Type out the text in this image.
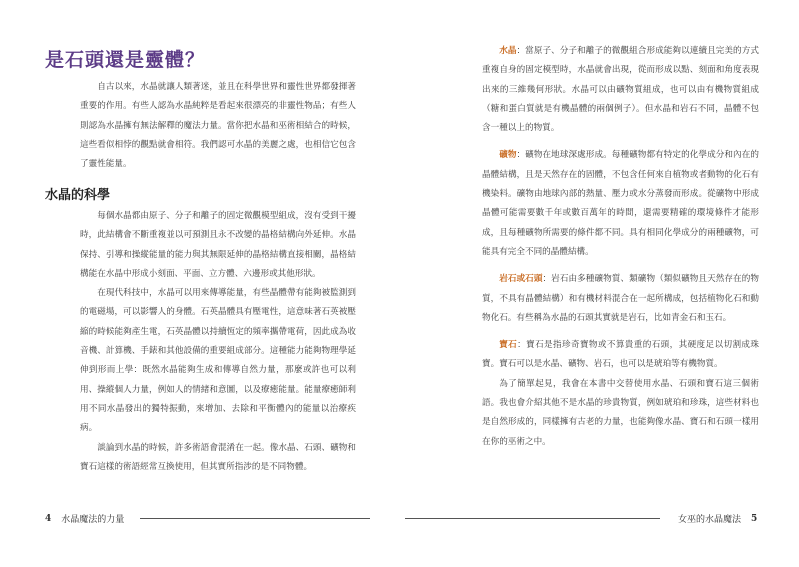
是石頭還是靈體？

自古以來，水晶就讓人類著迷，並且在科學世界和靈性世界都發揮著重要的作用。有些人認為水晶純粹是看起來很漂亮的非靈性物品；有些人則認為水晶擁有無法解釋的魔法力量。當你把水晶和巫術相結合的時候，這些看似相悖的觀點就會相符。我們認可水晶的美麗之處，也相信它包含了靈性能量。

水晶的科學

每個水晶都由原子、分子和離子的固定微觀模型組成，沒有受到干擾時，此結構會不斷重複並以可預測且永不改變的晶格結構向外延伸。水晶保持、引導和操縱能量的能力與其無限延伸的晶格結構直接相關，晶格結構能在水晶中形成小刻面、平面、立方體、六邊形或其他形狀。

在現代科技中，水晶可以用來傳導能量，有些晶體帶有能夠被監測到的電磁場，可以影響人的身體。石英晶體具有壓電性，這意味著石英被壓縮的時候能夠產生電，石英晶體以持續恆定的頻率攜帶電荷，因此成為收音機、計算機、手錶和其他設備的重要組成部分。這種能力能夠物理學延伸到形而上學：既然水晶能夠生成和傳導自然力量，那麼或許也可以利用、操縱個人力量，例如人的情緒和意圖，以及療癒能量。能量療癒師利用不同水晶發出的獨特振動，來增加、去除和平衡體內的能量以治療疾病。

談論到水晶的時候，許多術語會混淆在一起。像水晶、石頭、礦物和寶石這樣的術語經常互換使用，但其實所指涉的是不同物體。

4 水晶魔法的力量

水晶：當原子、分子和離子的微觀組合形成能夠以連續且完美的方式重複自身的固定模型時，水晶就會出現，從而形成以點、刻面和角度表現出來的三維幾何形狀。水晶可以由礦物質組成，也可以由有機物質組成（糖和蛋白質就是有機晶體的兩個例子）。但水晶和岩石不同，晶體不包含一種以上的物質。

礦物：礦物在地球深處形成。每種礦物都有特定的化學成分和內在的晶體結構，且是天然存在的固體，不包含任何來自植物或者動物的化石有機染料。礦物由地球內部的熱量、壓力或水分蒸發而形成。從礦物中形成晶體可能需要數千年或數百萬年的時間，還需要精確的環境條件才能形成，且每種礦物所需要的條件都不同。具有相同化學成分的兩種礦物，可能具有完全不同的晶體結構。

岩石或石頭：岩石由多種礦物質、類礦物（類似礦物且天然存在的物質，不具有晶體結構）和有機材料混合在一起所構成，包括植物化石和動物化石。有些稱為水晶的石頭其實就是岩石，比如青金石和玉石。

寶石：寶石是指珍奇寶物或不算貴重的石頭，其硬度足以切割成珠寶。寶石可以是水晶、礦物、岩石，也可以是琥珀等有機物質。

為了簡單起見，我會在本書中交替使用水晶、石頭和寶石這三個術語。我也會介紹其他不是水晶的珍貴物質，例如琥珀和珍珠，這些材料也是自然形成的，同樣擁有古老的力量，也能夠像水晶、寶石和石頭一樣用在你的巫術之中。

女巫的水晶魔法 5
